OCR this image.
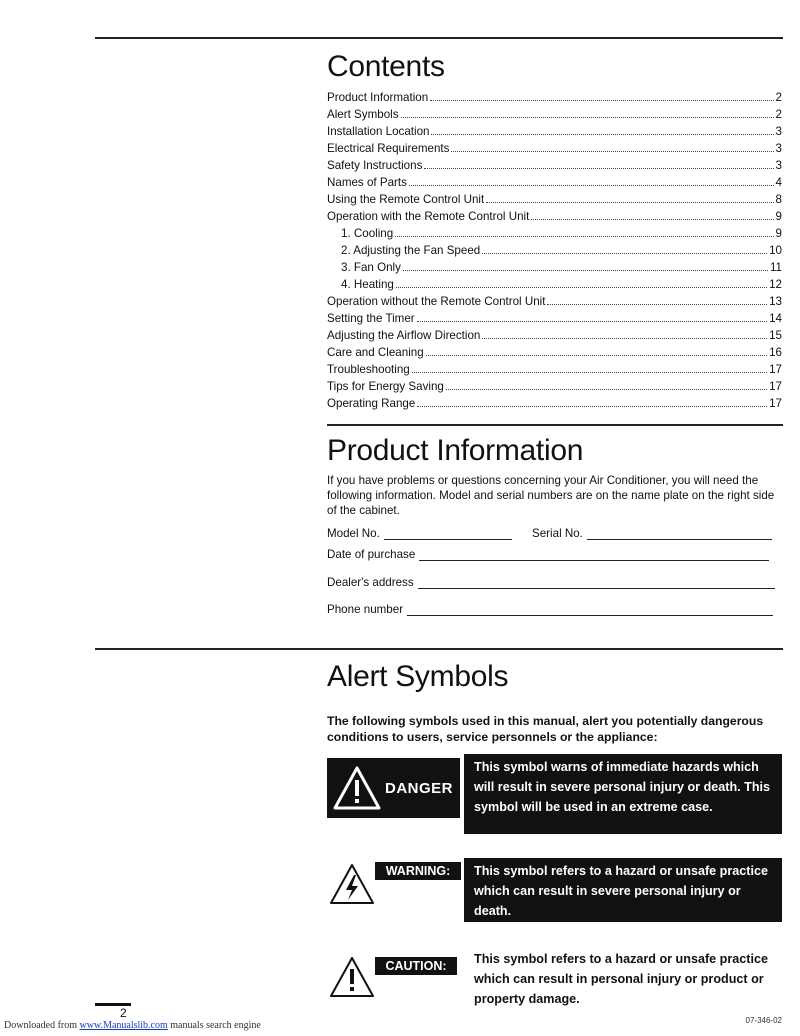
Contents
Product Information	2
Alert Symbols	2
Installation Location	3
Electrical Requirements	3
Safety Instructions	3
Names of Parts	4
Using the Remote Control Unit	8
Operation with the Remote Control Unit	9
1. Cooling	9
2. Adjusting the Fan Speed	10
3. Fan Only	11
4. Heating	12
Operation without the Remote Control Unit	13
Setting the Timer	14
Adjusting the Airflow Direction	15
Care and Cleaning	16
Troubleshooting	17
Tips for Energy Saving	17
Operating Range	17
Product Information

If you have problems or questions concerning your Air Conditioner, you will need the following information. Model and serial numbers are on the name plate on the right side of the cabinet.

Model No.	Serial No.
Date of purchase
Dealer's address
Phone number
Alert Symbols

The following symbols used in this manual, alert you potentially dangerous conditions to users, service personnels or the appliance:

DANGER
This symbol warns of immediate hazards which will result in severe personal injury or death. This symbol will be used in an extreme case.
WARNING:	This symbol refers to a hazard or unsafe practice which can result in severe personal injury or death.
CAUTION: This symbol refers to a hazard or unsafe practice which can result in personal injury or product or property damage.
2
Downloaded from www.Manualslib.com manuals search engine	07-346-02
